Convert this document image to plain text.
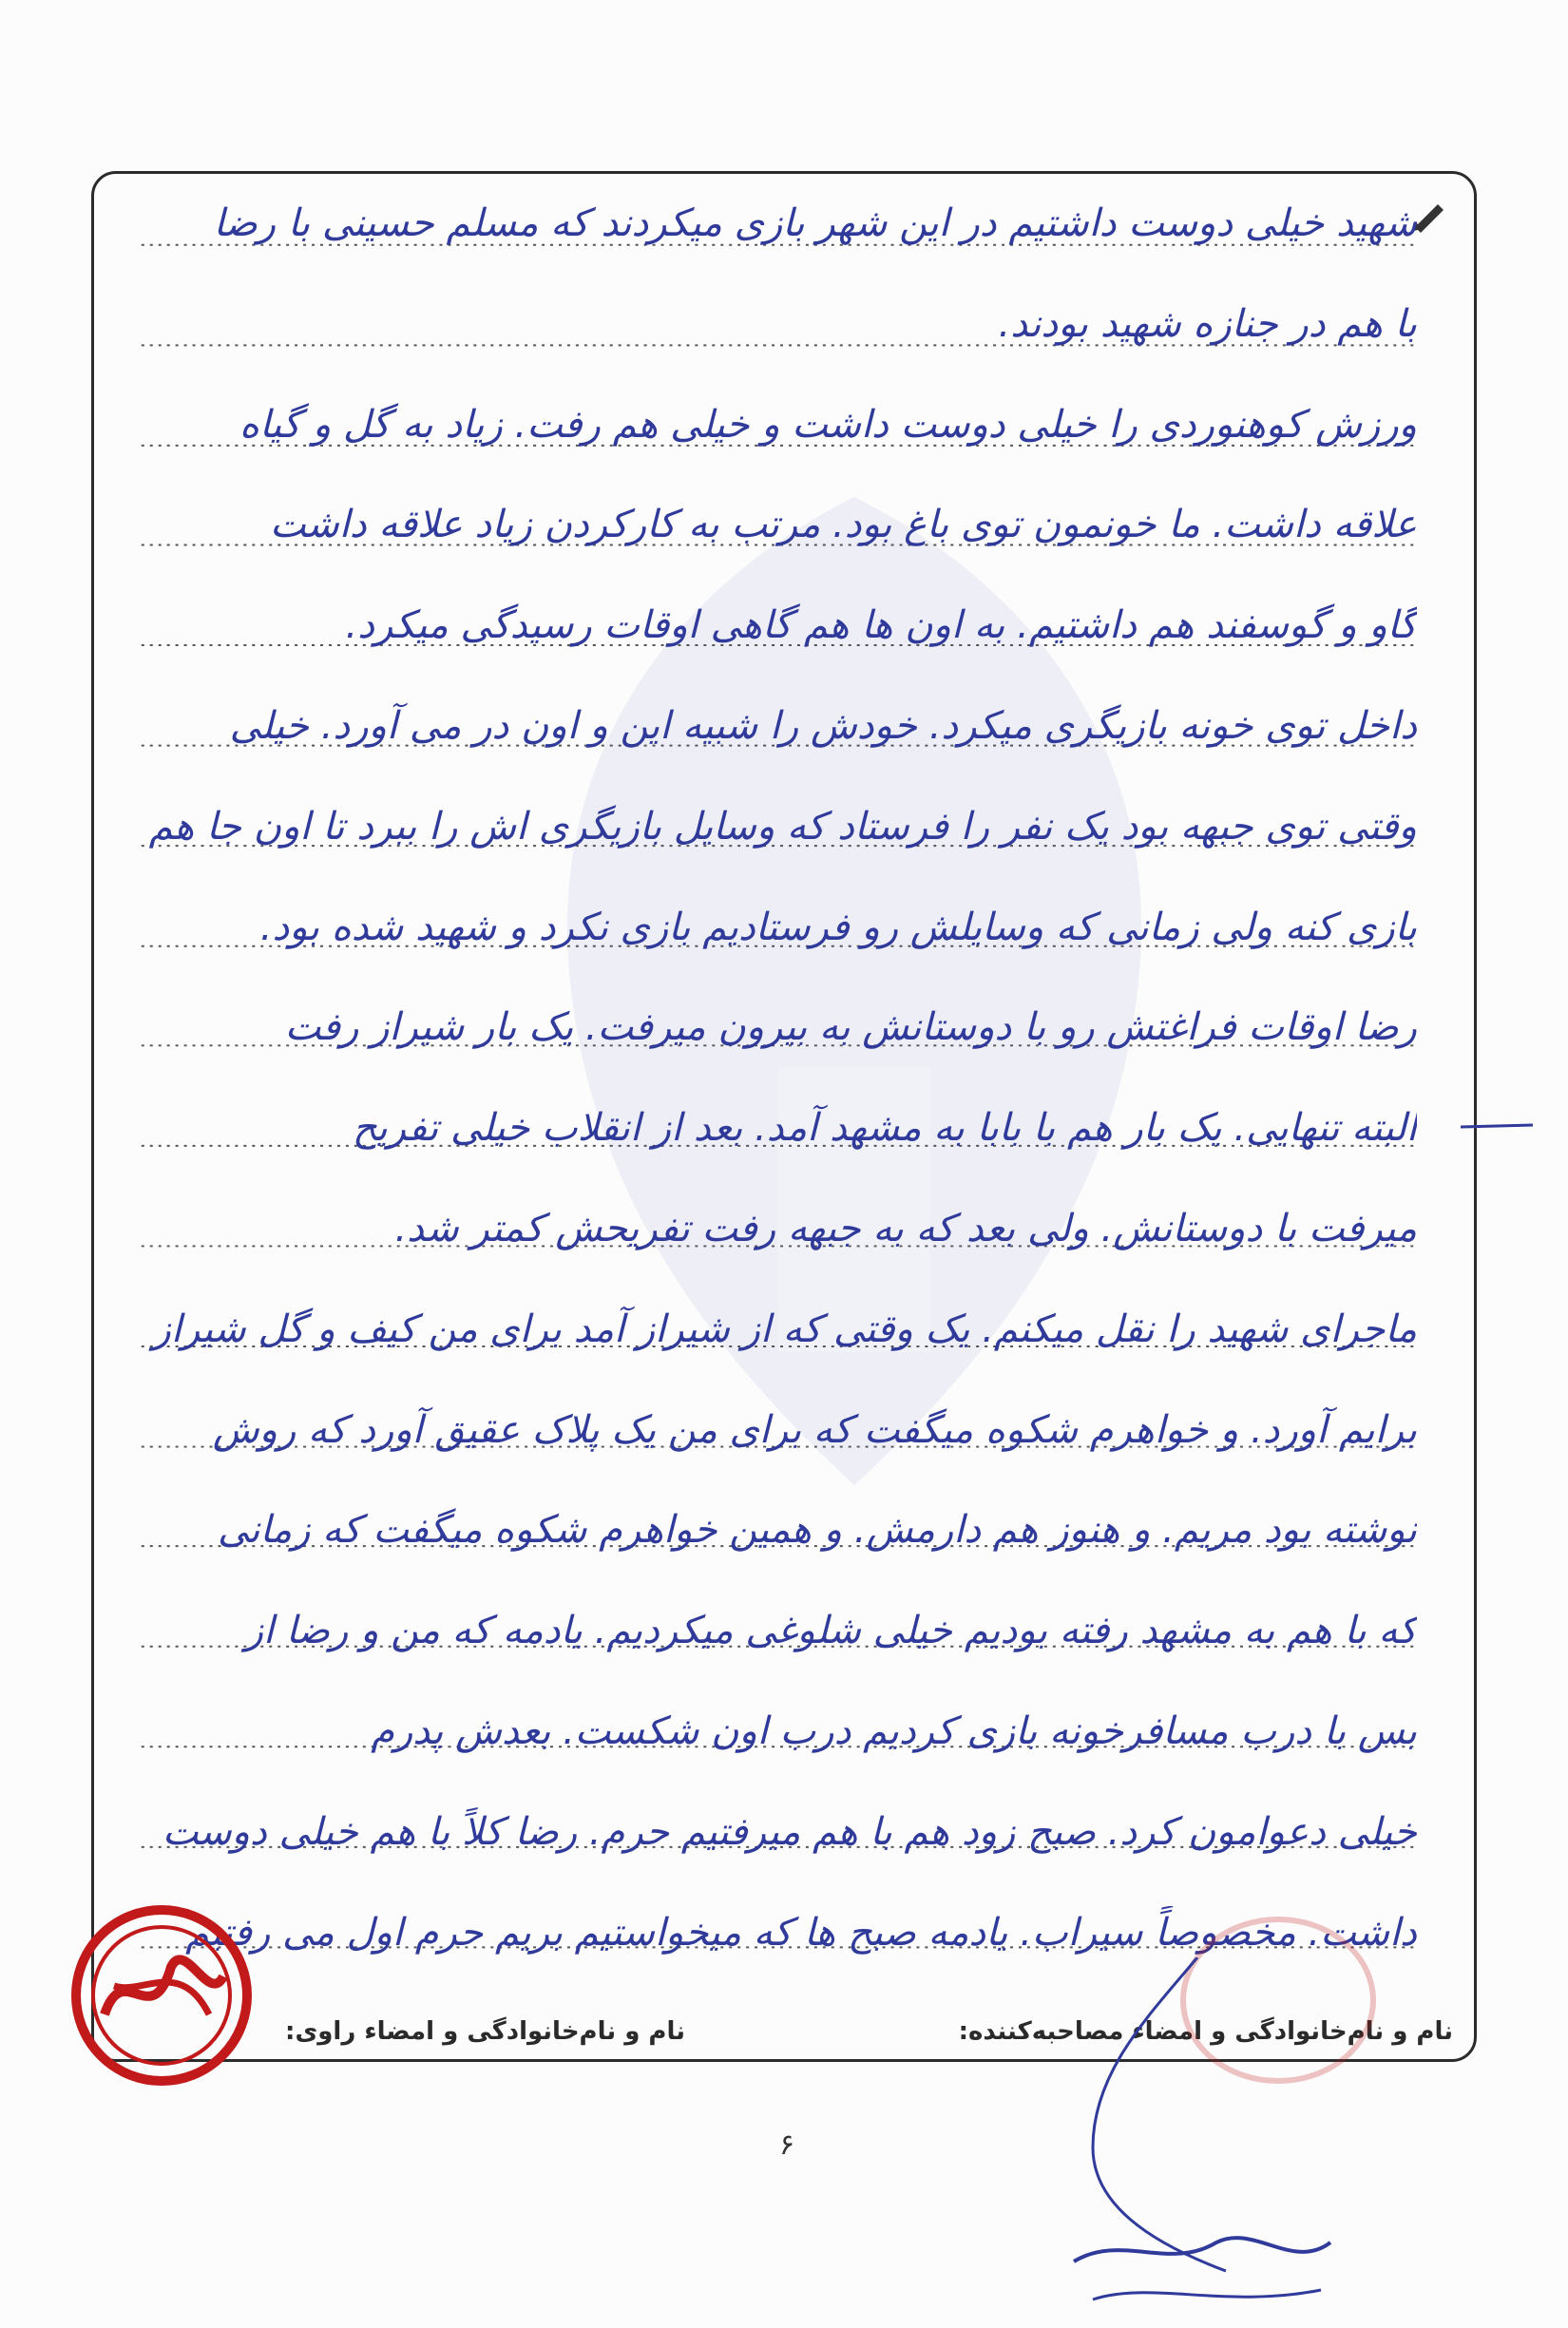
شهید خیلی دوست داشتیم در این شهر بازی میکردند که مسلم حسینی با رضا
با هم در جنازه شهید بودند.
ورزش کوهنوردی را خیلی دوست داشت و خیلی هم رفت. زیاد به گل و گیاه
علاقه داشت. ما خونمون توی باغ بود. مرتب به کارکردن زیاد علاقه داشت
گاو و گوسفند هم داشتیم. به اون ها هم گاهی اوقات رسیدگی میکرد.
داخل توی خونه بازیگری میکرد. خودش را شبیه این و اون در می آورد. خیلی
وقتی توی جبهه بود یک نفر را فرستاد که وسایل بازیگری اش را ببرد تا اون جا هم
بازی کنه ولی زمانی که وسایلش رو فرستادیم بازی نکرد و شهید شده بود.
رضا اوقات فراغتش رو با دوستانش به بیرون میرفت. یک بار شیراز رفت
البته تنهایی. یک بار هم با بابا به مشهد آمد. بعد از انقلاب خیلی تفریح
میرفت با دوستانش. ولی بعد که به جبهه رفت تفریحش کمتر شد.
ماجرای شهید را نقل میکنم. یک وقتی که از شیراز آمد برای من کیف و گل شیراز
برایم آورد. و خواهرم شکوه میگفت که برای من یک پلاک عقیق آورد که روش
نوشته بود مریم. و هنوز هم دارمش. و همین خواهرم شکوه میگفت که زمانی
که با هم به مشهد رفته بودیم خیلی شلوغی میکردیم. یادمه که من و رضا از
بس با درب مسافرخونه بازی کردیم درب اون شکست. بعدش پدرم
خیلی دعوامون کرد. صبح زود هم با هم میرفتیم حرم. رضا کلاً با هم خیلی دوست
داشت. مخصوصاً سیراب. یادمه صبح ها که میخواستیم بریم حرم اول می رفتیم
نام و نام‌خانوادگی و امضاء مصاحبه‌کننده:
نام و نام‌خانوادگی و امضاء راوی:
۶
